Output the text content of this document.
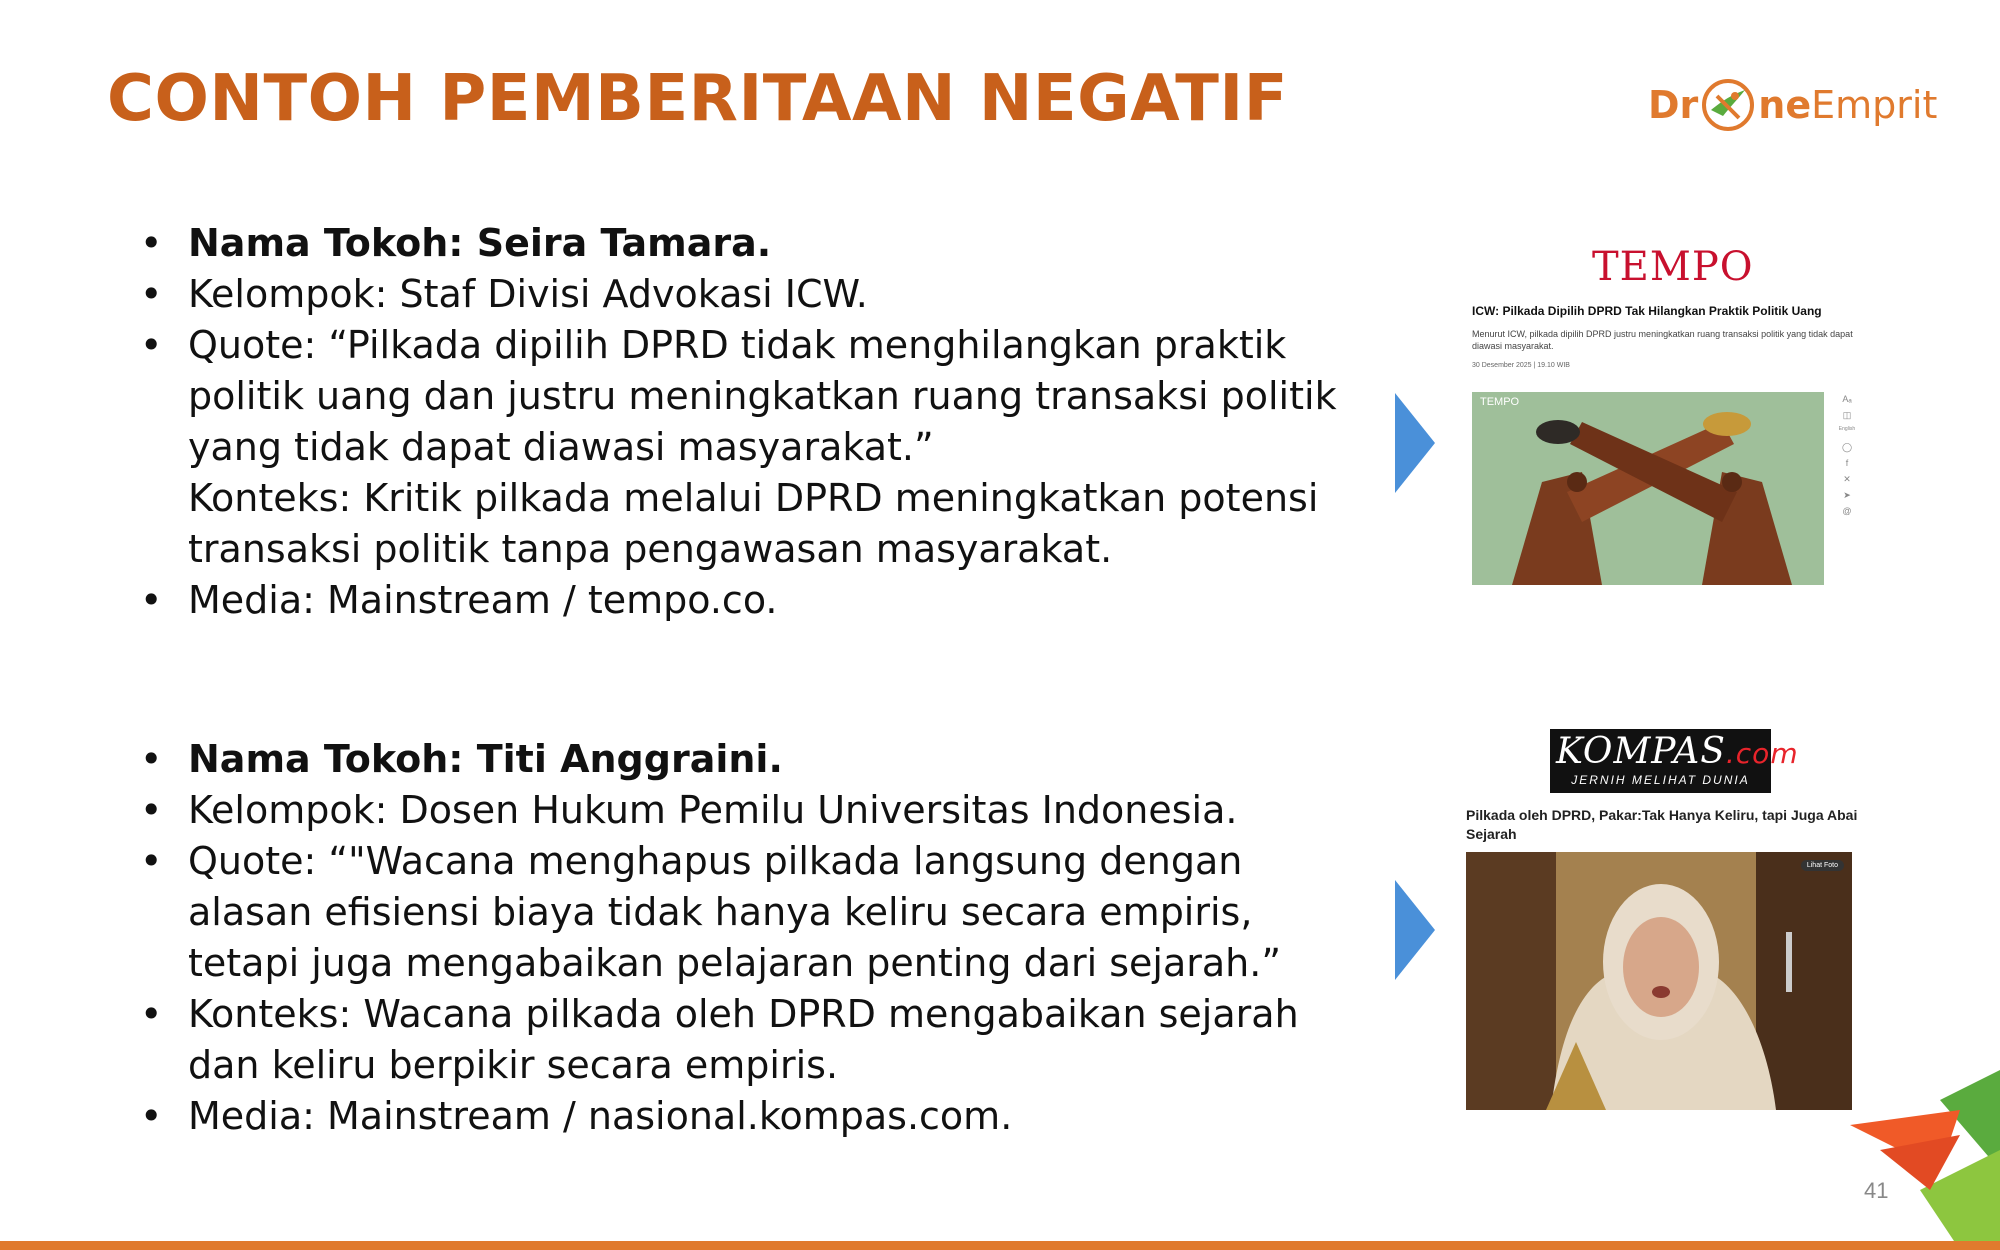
CONTOH PEMBERITAAN NEGATIF	Dr ne Emprit
• Nama Tokoh: Seira Tamara.
• Kelompok: Staf Divisi Advokasi ICW.
• Quote: “Pilkada dipilih DPRD tidak menghilangkan praktik
politik uang dan justru meningkatkan ruang transaksi politik
yang tidak dapat diawasi masyarakat.”
Konteks: Kritik pilkada melalui DPRD meningkatkan potensi
transaksi politik tanpa pengawasan masyarakat.
• Media: Mainstream / tempo.co.
• Nama Tokoh: Titi Anggraini.
• Kelompok: Dosen Hukum Pemilu Universitas Indonesia.
• Quote: “"Wacana menghapus pilkada langsung dengan
alasan efisiensi biaya tidak hanya keliru secara empiris,
tetapi juga mengabaikan pelajaran penting dari sejarah.”
• Konteks: Wacana pilkada oleh DPRD mengabaikan sejarah
dan keliru berpikir secara empiris.
• Media: Mainstream / nasional.kompas.com.
TEMPO
ICW: Pilkada Dipilih DPRD Tak Hilangkan Praktik Politik Uang
Menurut ICW, pilkada dipilih DPRD justru meningkatkan ruang transaksi politik yang tidak dapat diawasi masyarakat.
30 Desember 2025 | 19.10 WIB
TEMPO	Aₐ
◫
English
◯
f
✕
➤
@
KOMPAS.com
JERNIH MELIHAT DUNIA
Pilkada oleh DPRD, Pakar:Tak Hanya Keliru, tapi Juga Abai Sejarah
Lihat Foto
41
